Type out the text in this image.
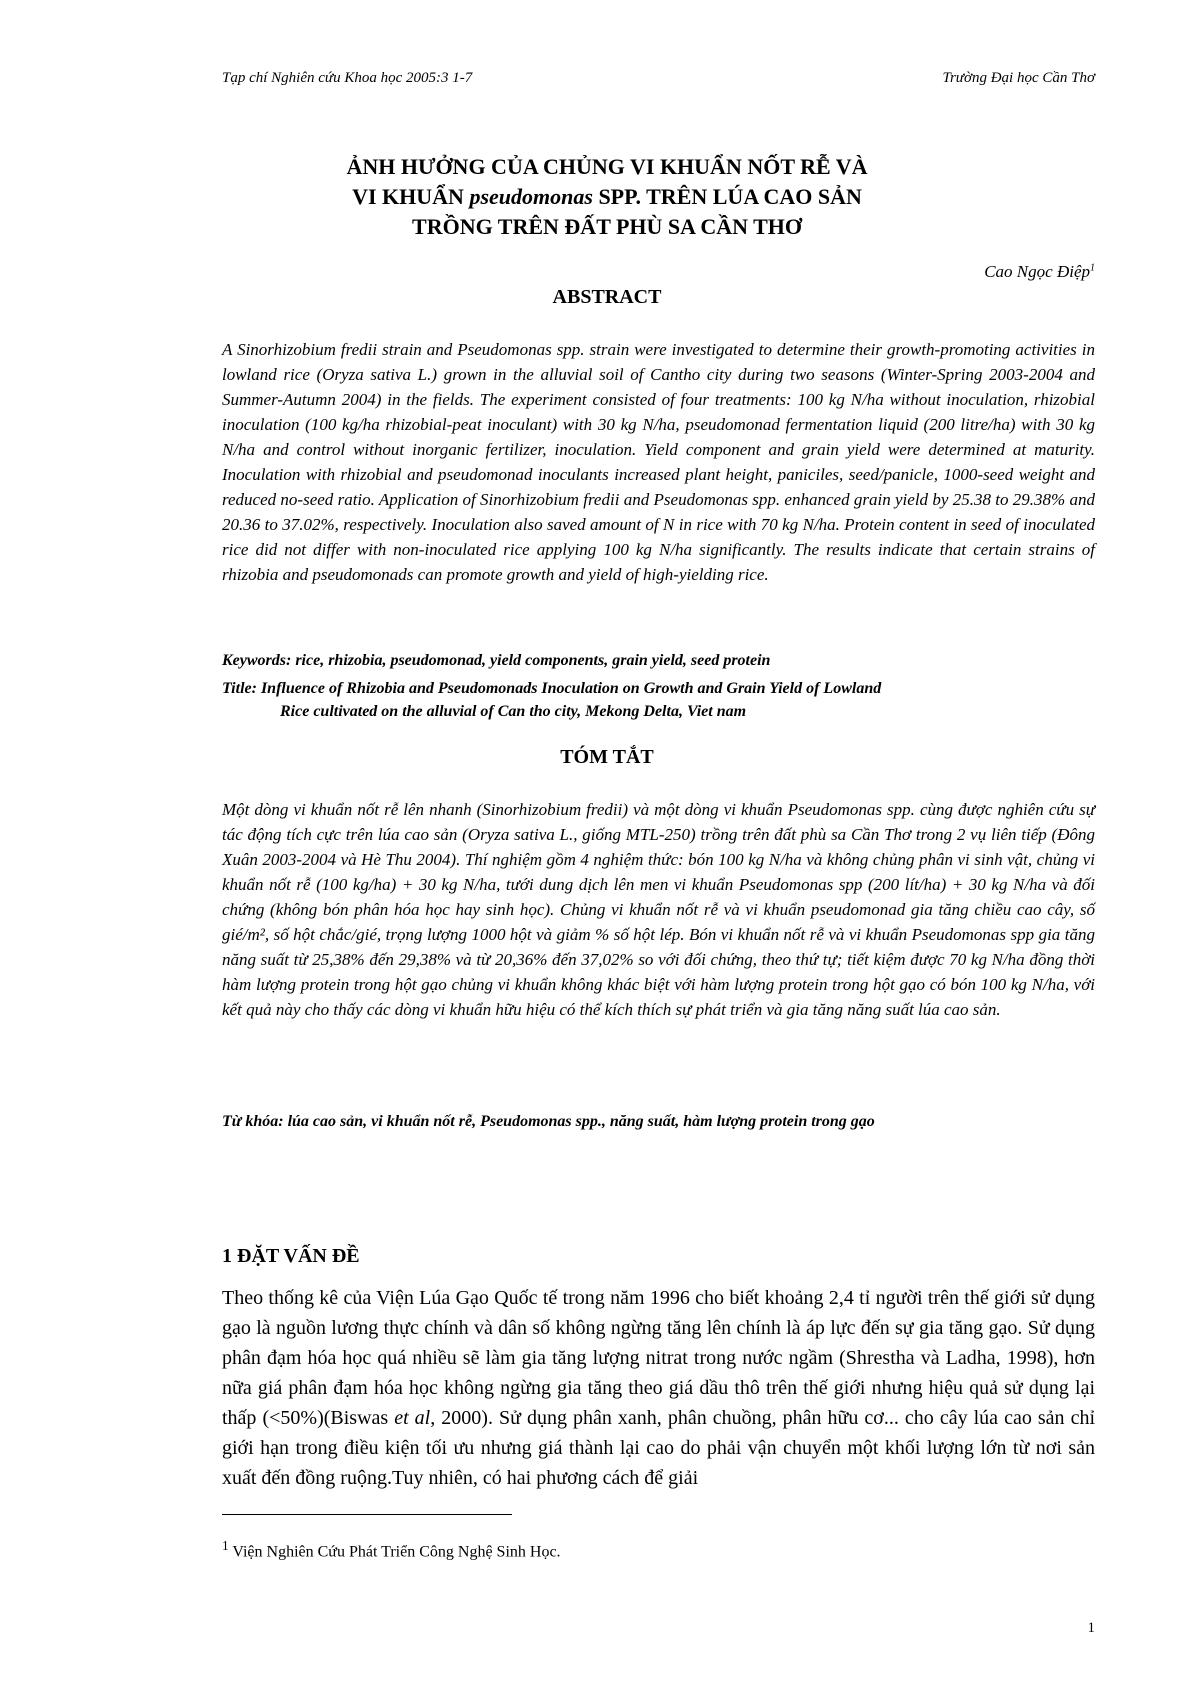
Tạp chí Nghiên cứu Khoa học 2005:3 1-7	Trường Đại học Cần Thơ
ẢNH HƯỞNG CỦA CHỦNG VI KHUẨN NỐT RỄ VÀ
VI KHUẨN pseudomonas SPP. TRÊN LÚA CAO SẢN
TRỒNG TRÊN ĐẤT PHÙ SA CẦN THƠ
Cao Ngọc Điệp$^1$
ABSTRACT
A Sinorhizobium fredii strain and Pseudomonas spp. strain were investigated to determine their growth-promoting activities in lowland rice (Oryza sativa L.) grown in the alluvial soil of Cantho city during two seasons (Winter-Spring 2003-2004 and Summer-Autumn 2004) in the fields. The experiment consisted of four treatments: 100 kg N/ha without inoculation, rhizobial inoculation (100 kg/ha rhizobial-peat inoculant) with 30 kg N/ha, pseudomonad fermentation liquid (200 litre/ha) with 30 kg N/ha and control without inorganic fertilizer, inoculation. Yield component and grain yield were determined at maturity. Inoculation with rhizobial and pseudomonad inoculants increased plant height, paniciles, seed/panicle, 1000-seed weight and reduced no-seed ratio. Application of Sinorhizobium fredii and Pseudomonas spp. enhanced grain yield by 25.38 to 29.38% and 20.36 to 37.02%, respectively. Inoculation also saved amount of N in rice with 70 kg N/ha. Protein content in seed of inoculated rice did not differ with non-inoculated rice applying 100 kg N/ha significantly. The results indicate that certain strains of rhizobia and pseudomonads can promote growth and yield of high-yielding rice.
Keywords: rice, rhizobia, pseudomonad, yield components, grain yield, seed protein
Title: Influence of Rhizobia and Pseudomonads Inoculation on Growth and Grain Yield of Lowland
Rice cultivated on the alluvial of Can tho city, Mekong Delta, Viet nam
TÓM TẮT
Một dòng vi khuẩn nốt rễ lên nhanh (Sinorhizobium fredii) và một dòng vi khuẩn Pseudomonas spp. cùng được nghiên cứu sự tác động tích cực trên lúa cao sản (Oryza sativa L., giống MTL-250) trồng trên đất phù sa Cần Thơ trong 2 vụ liên tiếp (Đông Xuân 2003-2004 và Hè Thu 2004). Thí nghiệm gồm 4 nghiệm thức: bón 100 kg N/ha và không chủng phân vi sinh vật, chủng vi khuẩn nốt rễ (100 kg/ha) + 30 kg N/ha, tưới dung dịch lên men vi khuẩn Pseudomonas spp (200 lít/ha) + 30 kg N/ha và đối chứng (không bón phân hóa học hay sinh học). Chủng vi khuẩn nốt rễ và vi khuẩn pseudomonad gia tăng chiều cao cây, số gié/m², số hột chắc/gié, trọng lượng 1000 hột và giảm % số hột lép. Bón vi khuẩn nốt rễ và vi khuẩn Pseudomonas spp gia tăng năng suất từ 25,38% đến 29,38% và từ 20,36% đến 37,02% so với đối chứng, theo thứ tự; tiết kiệm được 70 kg N/ha đồng thời hàm lượng protein trong hột gạo chủng vi khuẩn không khác biệt với hàm lượng protein trong hột gạo có bón 100 kg N/ha, với kết quả này cho thấy các dòng vi khuẩn hữu hiệu có thể kích thích sự phát triển và gia tăng năng suất lúa cao sản.
Từ khóa: lúa cao sản, vi khuẩn nốt rễ, Pseudomonas spp., năng suất, hàm lượng protein trong gạo
1 ĐẶT VẤN ĐỀ
Theo thống kê của Viện Lúa Gạo Quốc tế trong năm 1996 cho biết khoảng 2,4 tỉ người trên thế giới sử dụng gạo là nguồn lương thực chính và dân số không ngừng tăng lên chính là áp lực đến sự gia tăng gạo. Sử dụng phân đạm hóa học quá nhiều sẽ làm gia tăng lượng nitrat trong nước ngầm (Shrestha và Ladha, 1998), hơn nữa giá phân đạm hóa học không ngừng gia tăng theo giá dầu thô trên thế giới nhưng hiệu quả sử dụng lại thấp (<50%)(Biswas et al, 2000). Sử dụng phân xanh, phân chuồng, phân hữu cơ... cho cây lúa cao sản chỉ giới hạn trong điều kiện tối ưu nhưng giá thành lại cao do phải vận chuyển một khối lượng lớn từ nơi sản xuất đến đồng ruộng.Tuy nhiên, có hai phương cách để giải
$^1$ Viện Nghiên Cứu Phát Triển Công Nghệ Sinh Học.
1
